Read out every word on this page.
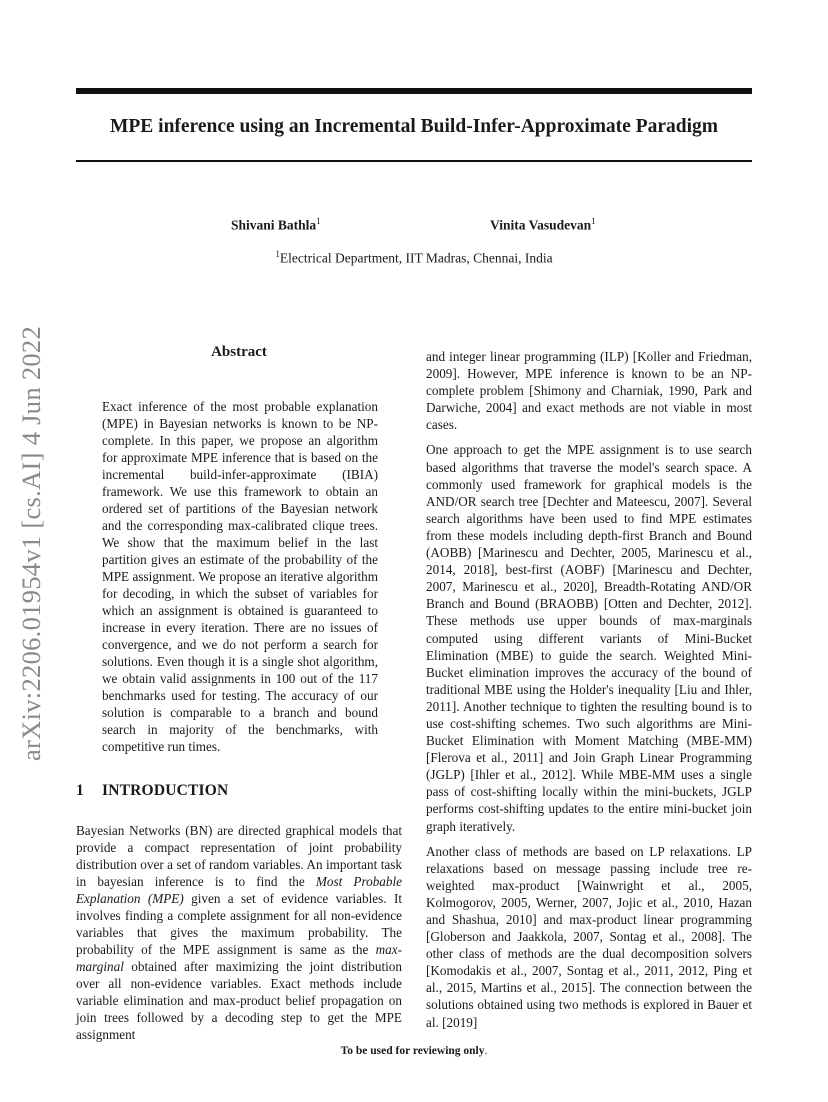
arXiv:2206.01954v1 [cs.AI] 4 Jun 2022
MPE inference using an Incremental Build-Infer-Approximate Paradigm
Shivani Bathla$^1$	Vinita Vasudevan$^1$
$^1$Electrical Department, IIT Madras, Chennai, India
Abstract

Exact inference of the most probable explanation (MPE) in Bayesian networks is known to be NP-complete. In this paper, we propose an algorithm for approximate MPE inference that is based on the incremental build-infer-approximate (IBIA) framework. We use this framework to obtain an ordered set of partitions of the Bayesian network and the corresponding max-calibrated clique trees. We show that the maximum belief in the last partition gives an estimate of the probability of the MPE assignment. We propose an iterative algorithm for decoding, in which the subset of variables for which an assignment is obtained is guaranteed to increase in every iteration. There are no issues of convergence, and we do not perform a search for solutions. Even though it is a single shot algorithm, we obtain valid assignments in 100 out of the 117 benchmarks used for testing. The accuracy of our solution is comparable to a branch and bound search in majority of the benchmarks, with competitive run times.

1 INTRODUCTION

Bayesian Networks (BN) are directed graphical models that provide a compact representation of joint probability distribution over a set of random variables. An important task in bayesian inference is to find the Most Probable Explanation (MPE) given a set of evidence variables. It involves finding a complete assignment for all non-evidence variables that gives the maximum probability. The probability of the MPE assignment is same as the max-marginal obtained after maximizing the joint distribution over all non-evidence variables. Exact methods include variable elimination and max-product belief propagation on join trees followed by a decoding step to get the MPE assignment

and integer linear programming (ILP) [Koller and Friedman, 2009]. However, MPE inference is known to be an NP-complete problem [Shimony and Charniak, 1990, Park and Darwiche, 2004] and exact methods are not viable in most cases.

One approach to get the MPE assignment is to use search based algorithms that traverse the model's search space. A commonly used framework for graphical models is the AND/OR search tree [Dechter and Mateescu, 2007]. Several search algorithms have been used to find MPE estimates from these models including depth-first Branch and Bound (AOBB) [Marinescu and Dechter, 2005, Marinescu et al., 2014, 2018], best-first (AOBF) [Marinescu and Dechter, 2007, Marinescu et al., 2020], Breadth-Rotating AND/OR Branch and Bound (BRAOBB) [Otten and Dechter, 2012]. These methods use upper bounds of max-marginals computed using different variants of Mini-Bucket Elimination (MBE) to guide the search. Weighted Mini-Bucket elimination improves the accuracy of the bound of traditional MBE using the Holder's inequality [Liu and Ihler, 2011]. Another technique to tighten the resulting bound is to use cost-shifting schemes. Two such algorithms are Mini-Bucket Elimination with Moment Matching (MBE-MM) [Flerova et al., 2011] and Join Graph Linear Programming (JGLP) [Ihler et al., 2012]. While MBE-MM uses a single pass of cost-shifting locally within the mini-buckets, JGLP performs cost-shifting updates to the entire mini-bucket join graph iteratively.

Another class of methods are based on LP relaxations. LP relaxations based on message passing include tree re-weighted max-product [Wainwright et al., 2005, Kolmogorov, 2005, Werner, 2007, Jojic et al., 2010, Hazan and Shashua, 2010] and max-product linear programming [Globerson and Jaakkola, 2007, Sontag et al., 2008]. The other class of methods are the dual decomposition solvers [Komodakis et al., 2007, Sontag et al., 2011, 2012, Ping et al., 2015, Martins et al., 2015]. The connection between the solutions obtained using two methods is explored in Bauer et al. [2019]

To be used for reviewing only.
